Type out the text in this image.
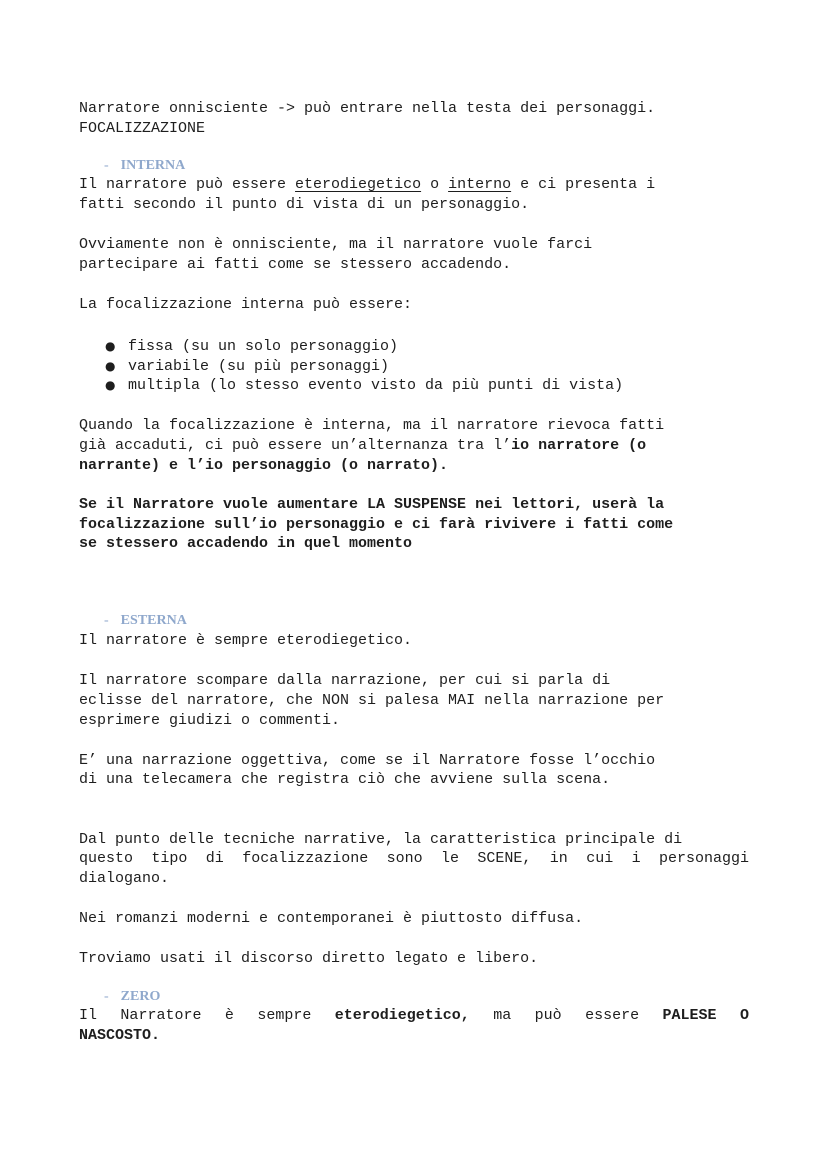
Narratore onnisciente -> può entrare nella testa dei personaggi.
FOCALIZZAZIONE
- INTERNA
Il narratore può essere eterodiegetico o interno e ci presenta i
fatti secondo il punto di vista di un personaggio.
Ovviamente non è onnisciente, ma il narratore vuole farci
partecipare ai fatti come se stessero accadendo.
La focalizzazione interna può essere:
● fissa (su un solo personaggio)
● variabile (su più personaggi)
● multipla (lo stesso evento visto da più punti di vista)
Quando la focalizzazione è interna, ma il narratore rievoca fatti
già accaduti, ci può essere un’alternanza tra l’io narratore (o
narrante) e l’io personaggio (o narrato).
Se il Narratore vuole aumentare LA SUSPENSE nei lettori, userà la
focalizzazione sull’io personaggio e ci farà rivivere i fatti come
se stessero accadendo in quel momento
- ESTERNA
Il narratore è sempre eterodiegetico.
Il narratore scompare dalla narrazione, per cui si parla di
eclisse del narratore, che NON si palesa MAI nella narrazione per
esprimere giudizi o commenti.
E’ una narrazione oggettiva, come se il Narratore fosse l’occhio
di una telecamera che registra ciò che avviene sulla scena.
Dal punto delle tecniche narrative, la caratteristica principale di
questo tipo di focalizzazione sono le SCENE, in cui i personaggi
dialogano.
Nei romanzi moderni e contemporanei è piuttosto diffusa.
Troviamo usati il discorso diretto legato e libero.
- ZERO
Il Narratore è sempre eterodiegetico, ma può essere PALESE O
NASCOSTO.
